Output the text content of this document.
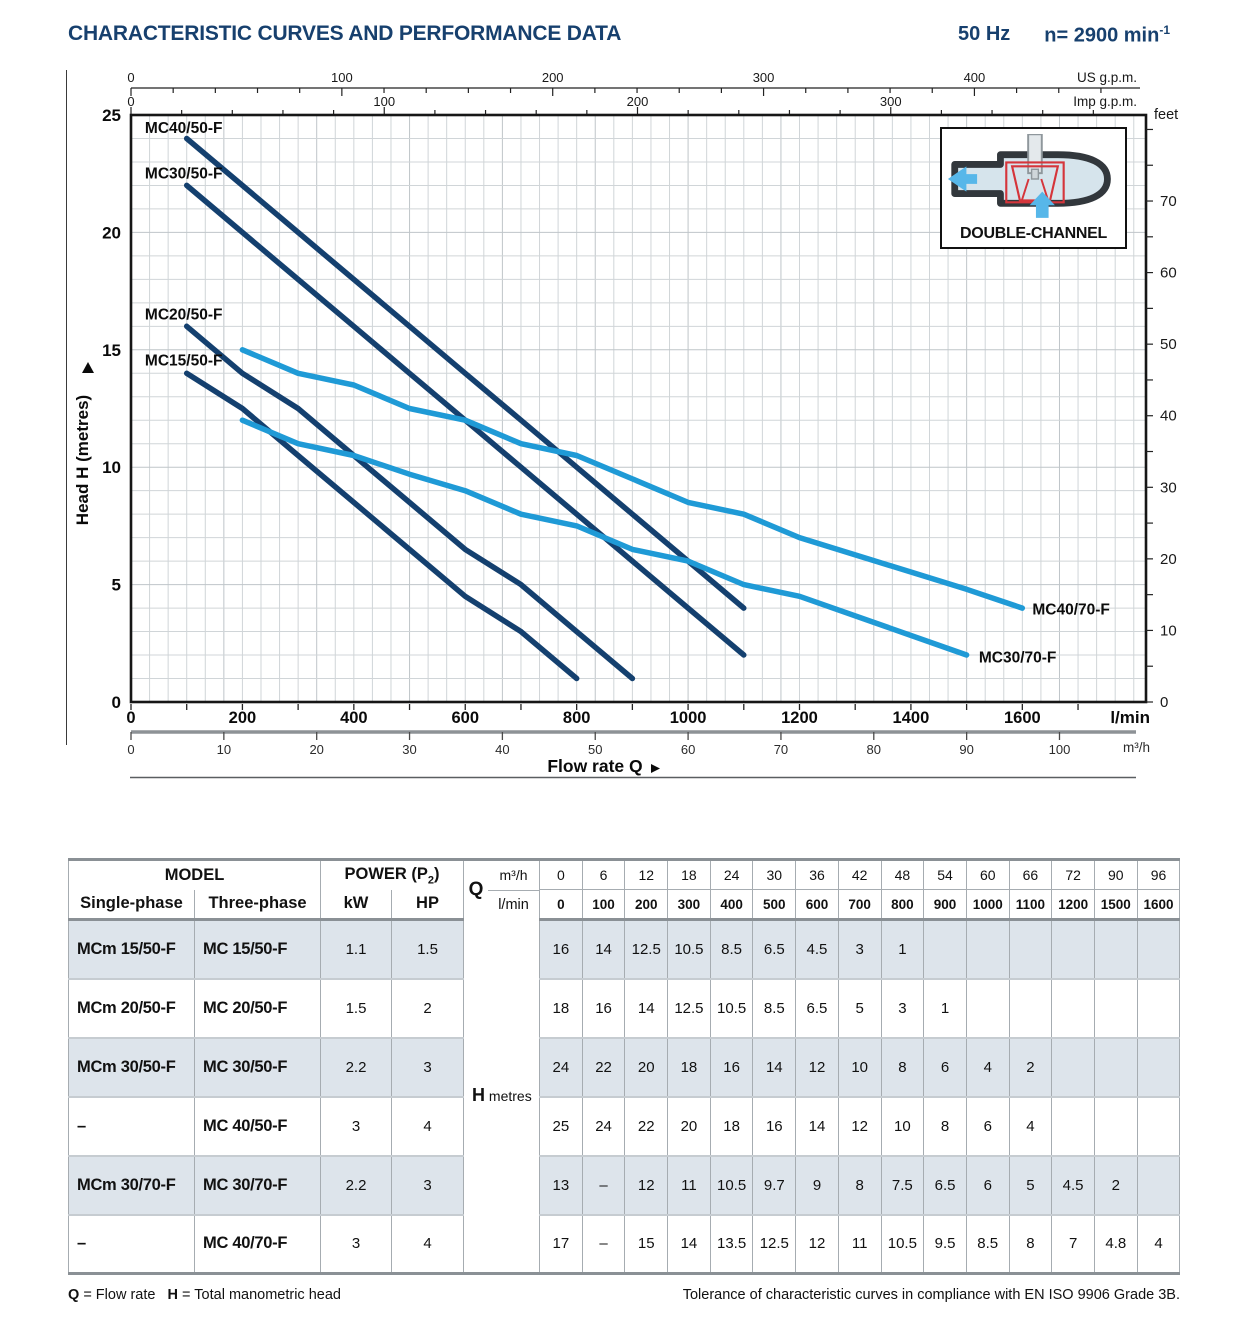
CHARACTERISTIC CURVES AND PERFORMANCE DATA	50 Hz n= 2900 $\min^{-1}$
0	100	200	300	400	US g.p.m.
0	100	200	300	Imp g.p.m.
0
10
20
30
40
50
60
70
feet
0
5
10
15
20
25
Head H (metres)
0	200	400	600	800	1000	1200	1400	1600	l/min
0	10	20	30	40	50	60	70	80	90	100	m³/h
Flow rate Q
MC40/50-F
MC30/50-F
MC20/50-F
MC15/50-F
MC40/70-F
MC30/70-F
DOUBLE-CHANNEL
MODEL		POWER $(P_2)$		Q
m³/h
l/min	0	6	12	18	24	30	36	42	48	54	60	66	72	90	96
Single-phase	Three-phase	kW	HP		0	100	200	300	400	500	600	700	800	900	1000	1100	1200	1500	1600
MCm 15/50-F	MC 15/50-F	1.1	1.5	H metres	16	14	12.5	10.5	8.5	6.5	4.5	3	1						
MCm 20/50-F	MC 20/50-F	1.5	2		18	16	14	12.5	10.5	8.5	6.5	5	3	1					
MCm 30/50-F	MC 30/50-F	2.2	3		24	22	20	18	16	14	12	10	8	6	4	2			
–	MC 40/50-F	3	4		25	24	22	20	18	16	14	12	10	8	6	4			
MCm 30/70-F	MC 30/70-F	2.2	3		13	–	12	11	10.5	9.7	9	8	7.5	6.5	6	5	4.5	2	
–	MC 40/70-F	3	4		17	–	15	14	13.5	12.5	12	11	10.5	9.5	8.5	8	7	4.8	4
Q = Flow rate H = Total manometric head	Tolerance of characteristic curves in compliance with EN ISO 9906 Grade 3B.
